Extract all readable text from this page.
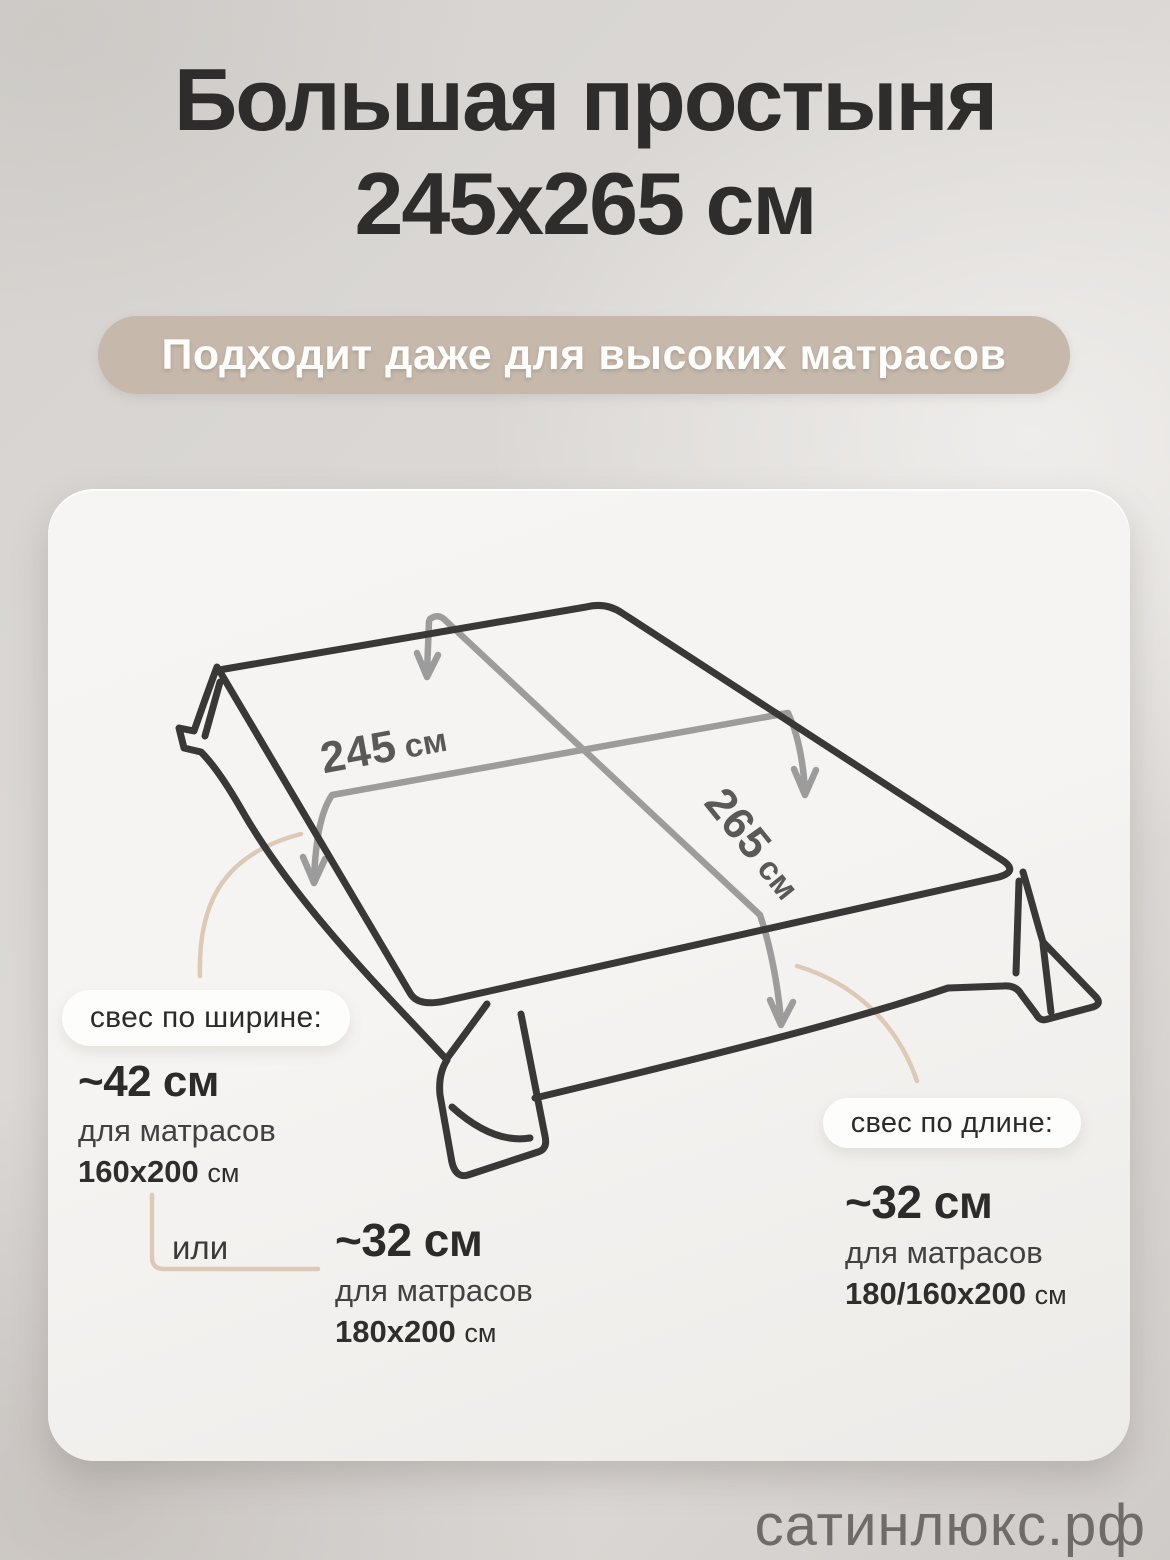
Большая простыня
245х265 см
Подходит даже для высоких матрасов
245см
265см
свес по ширине:
~42 см
для матрасов
160х200 см
или ~32 см
для матрасов
180х200 см
свес по длине:
~32 см
для матрасов
180/160х200 см
сатинлюкс.рф
